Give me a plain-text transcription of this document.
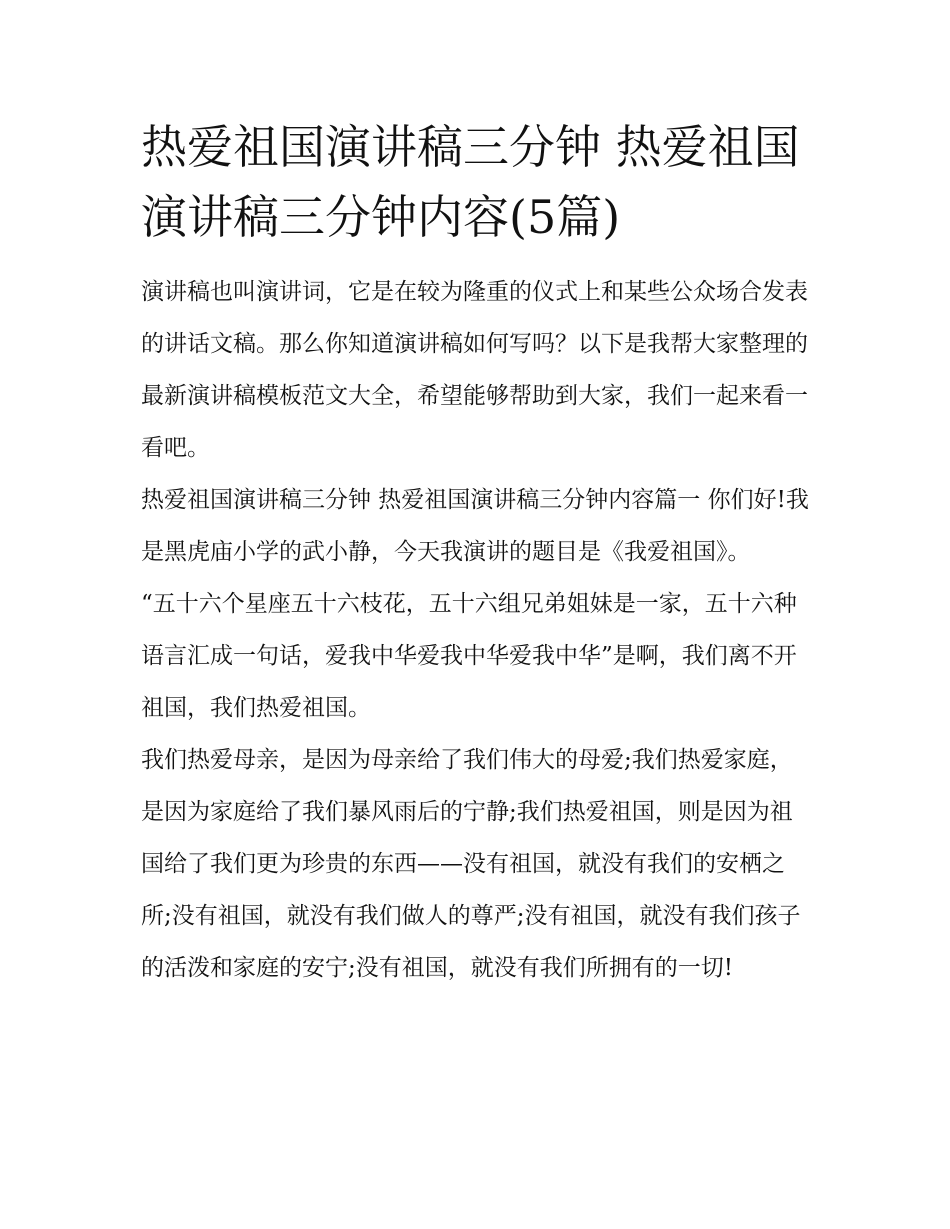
热爱祖国演讲稿三分钟 热爱祖国演讲稿三分钟内容(5篇)

演讲稿也叫演讲词，它是在较为隆重的仪式上和某些公众场合发表的讲话文稿。那么你知道演讲稿如何写吗？以下是我帮大家整理的最新演讲稿模板范文大全，希望能够帮助到大家，我们一起来看一看吧。

热爱祖国演讲稿三分钟 热爱祖国演讲稿三分钟内容篇一 你们好!我是黑虎庙小学的武小静，今天我演讲的题目是《我爱祖国》。

“五十六个星座五十六枝花，五十六组兄弟姐妹是一家，五十六种语言汇成一句话，爱我中华爱我中华爱我中华”是啊，我们离不开祖国，我们热爱祖国。

我们热爱母亲，是因为母亲给了我们伟大的母爱;我们热爱家庭，是因为家庭给了我们暴风雨后的宁静;我们热爱祖国，则是因为祖国给了我们更为珍贵的东西——没有祖国，就没有我们的安栖之所;没有祖国，就没有我们做人的尊严;没有祖国，就没有我们孩子的活泼和家庭的安宁;没有祖国，就没有我们所拥有的一切!
